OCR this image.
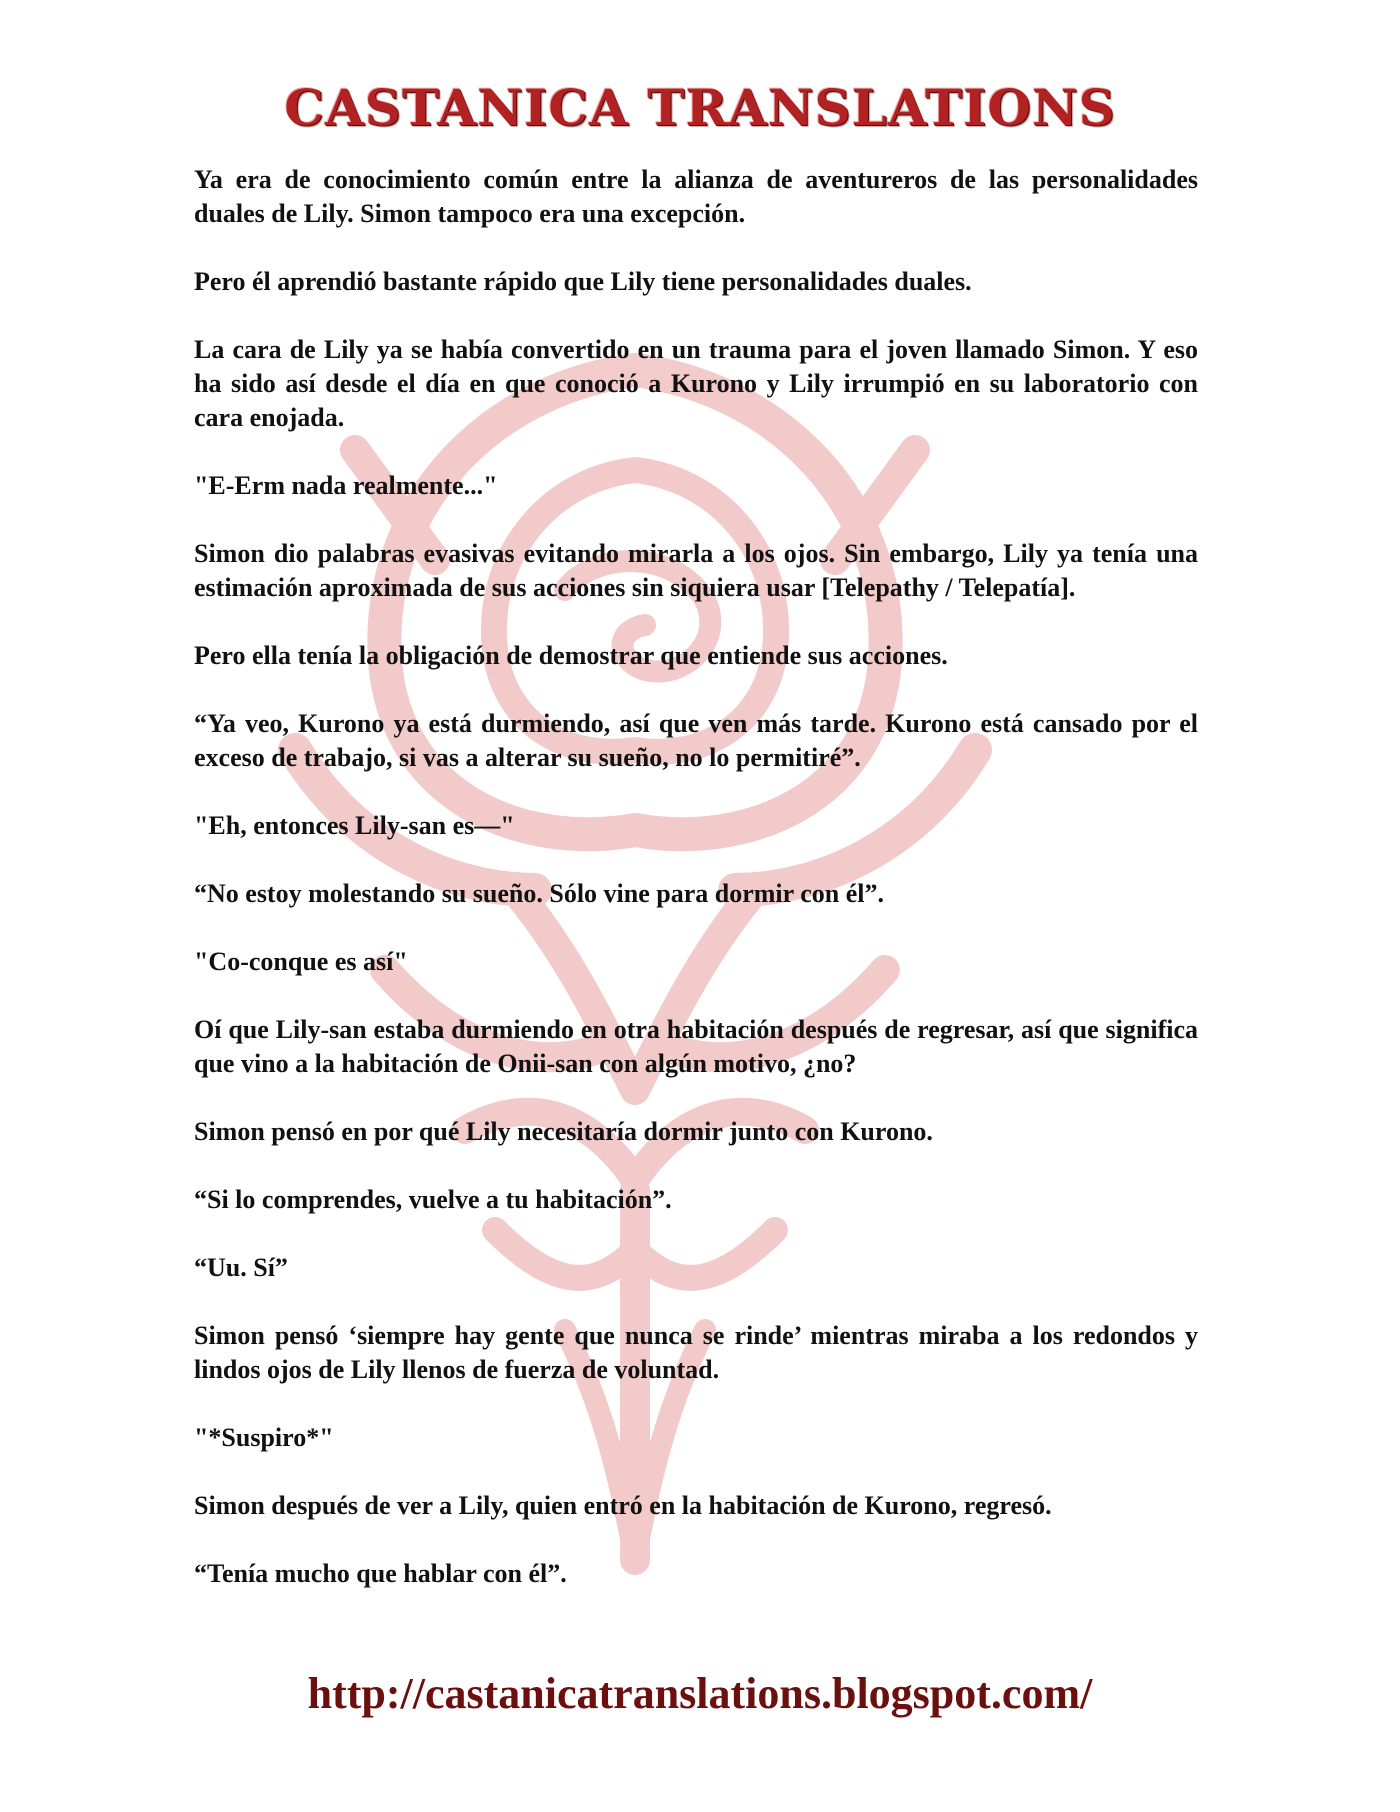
CASTANICA TRANSLATIONS

Ya era de conocimiento común entre la alianza de aventureros de las personalidades duales de Lily. Simon tampoco era una excepción.

Pero él aprendió bastante rápido que Lily tiene personalidades duales.

La cara de Lily ya se había convertido en un trauma para el joven llamado Simon. Y eso ha sido así desde el día en que conoció a Kurono y Lily irrumpió en su laboratorio con cara enojada.

"E-Erm nada realmente..."

Simon dio palabras evasivas evitando mirarla a los ojos. Sin embargo, Lily ya tenía una estimación aproximada de sus acciones sin siquiera usar [Telepathy / Telepatía].

Pero ella tenía la obligación de demostrar que entiende sus acciones.

“Ya veo, Kurono ya está durmiendo, así que ven más tarde. Kurono está cansado por el exceso de trabajo, si vas a alterar su sueño, no lo permitiré”.

"Eh, entonces Lily-san es—"

“No estoy molestando su sueño. Sólo vine para dormir con él”.

"Co-conque es así"

Oí que Lily-san estaba durmiendo en otra habitación después de regresar, así que significa que vino a la habitación de Onii-san con algún motivo, ¿no?

Simon pensó en por qué Lily necesitaría dormir junto con Kurono.

“Si lo comprendes, vuelve a tu habitación”.

“Uu. Sí”

Simon pensó ‘siempre hay gente que nunca se rinde’ mientras miraba a los redondos y lindos ojos de Lily llenos de fuerza de voluntad.

"*Suspiro*"

Simon después de ver a Lily, quien entró en la habitación de Kurono, regresó.

“Tenía mucho que hablar con él”.

http://castanicatranslations.blogspot.com/
